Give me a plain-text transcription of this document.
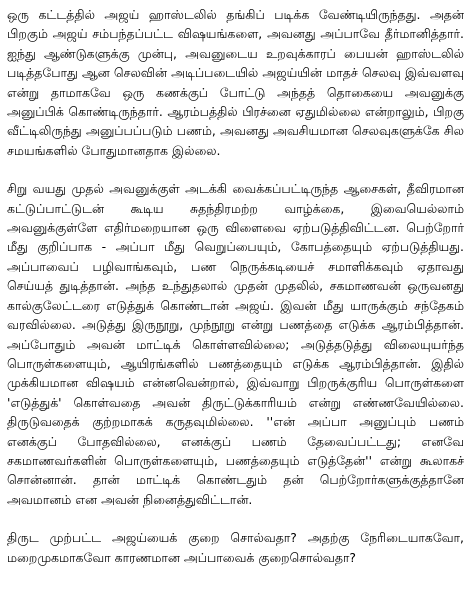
ஒரு கட்டத்தில் அஜய் ஹாஸ்டலில் தங்கிப் படிக்க வேண்டியிருந்தது. அதன் பிறகும் அஜய் சம்பந்தப்பட்ட விஷயங்களை, அவனது அப்பாவே தீர்மானித்தார். ஐந்து ஆண்டுகளுக்கு முன்பு, அவனுடைய உறவுக்காரப் பையன் ஹாஸ்டலில் படித்தபோது ஆன செலவின் அடிப்படையில் அஜய்யின் மாதச் செலவு இவ்வளவு என்று தாமாகவே ஒரு கணக்குப் போட்டு அந்தத் தொகையை அவனுக்கு அனுப்பிக் கொண்டிருந்தார். ஆரம்பத்தில் பிரச்னை ஏதுமில்லை என்றாலும், பிறகு வீட்டிலிருந்து அனுப்பப்படும் பணம், அவனது அவசியமான செலவுகளுக்கே சில சமயங்களில் போதுமானதாக இல்லை.

சிறு வயது முதல் அவனுக்குள் அடக்கி வைக்கப்பட்டிருந்த ஆசைகள், தீவிரமான கட்டுப்பாட்டுடன் கூடிய சுதந்திரமற்ற வாழ்க்கை, இவையெல்லாம் அவனுக்குள்ளே எதிர்மறையான ஒரு விளைவை ஏற்படுத்திவிட்டன. பெற்றோர் மீது குறிப்பாக - அப்பா மீது வெறுப்பையும், கோபத்தையும் ஏற்படுத்தியது. அப்பாவைப் பழிவாங்கவும், பண நெருக்கடியைச் சமாளிக்கவும் ஏதாவது செய்யத் துடித்தான். அந்த உந்துதலால் முதன் முதலில், சகமாணவன் ஒருவனது கால்குலேட்டரை எடுத்துக் கொண்டான் அஜய். இவன் மீது யாருக்கும் சந்தேகம் வரவில்லை. அடுத்து இருநூறு, முந்நூறு என்று பணத்தை எடுக்க ஆரம்பித்தான். அப்போதும் அவன் மாட்டிக் கொள்ளவில்லை; அடுத்தடுத்து விலையுயர்ந்த பொருள்களையும், ஆயிரங்களில் பணத்தையும் எடுக்க ஆரம்பித்தான். இதில் முக்கியமான விஷயம் என்னவென்றால், இவ்வாறு பிறருக்குரிய பொருள்களை 'எடுத்துக்' கொள்வதை அவன் திருட்டுக்காரியம் என்று எண்ணவேயில்லை. திருடுவதைக் குற்றமாகக் கருதவுமில்லை. ''என் அப்பா அனுப்பும் பணம் எனக்குப் போதவில்லை, எனக்குப் பணம் தேவைப்பட்டது; எனவே சகமாணவர்களின் பொருள்களையும், பணத்தையும் எடுத்தேன்'' என்று கூலாகச் சொன்னான். தான் மாட்டிக் கொண்டதும் தன் பெற்றோர்களுக்குத்தானே அவமானம் என அவன் நினைத்துவிட்டான்.

திருட முற்பட்ட அஜய்யைக் குறை சொல்வதா? அதற்கு நேரிடையாகவோ, மறைமுகமாகவோ காரணமான அப்பாவைக் குறைசொல்வதா?
